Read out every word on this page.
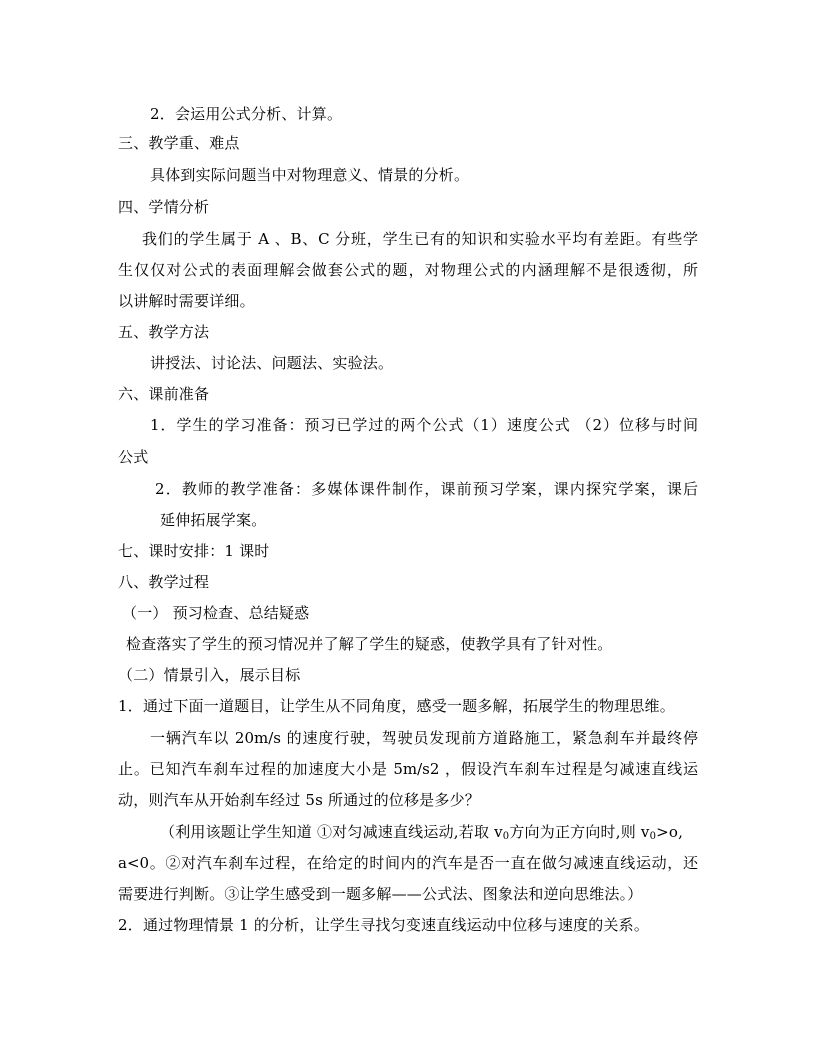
2．会运用公式分析、计算。
三、教学重、难点
具体到实际问题当中对物理意义、情景的分析。
四、学情分析
我们的学生属于 A 、B、C 分班，学生已有的知识和实验水平均有差距。有些学
生仅仅对公式的表面理解会做套公式的题，对物理公式的内涵理解不是很透彻，所
以讲解时需要详细。
五、教学方法
讲授法、讨论法、问题法、实验法。
六、课前准备
1．学生的学习准备：预习已学过的两个公式（1）速度公式 （2）位移与时间
公式
2．教师的教学准备：多媒体课件制作，课前预习学案，课内探究学案，课后
延伸拓展学案。
七、课时安排：1 课时
八、教学过程
（一） 预习检查、总结疑惑
检查落实了学生的预习情况并了解了学生的疑惑，使教学具有了针对性。
（二）情景引入，展示目标
1．通过下面一道题目，让学生从不同角度，感受一题多解，拓展学生的物理思维。
一辆汽车以 20m/s 的速度行驶，驾驶员发现前方道路施工，紧急刹车并最终停
止。已知汽车刹车过程的加速度大小是 5m/s2 ，假设汽车刹车过程是匀减速直线运
动，则汽车从开始刹车经过 5s 所通过的位移是多少？
（利用该题让学生知道 ①对匀减速直线运动,若取 v0方向为正方向时,则 v0>o,
a<0。②对汽车刹车过程，在给定的时间内的汽车是否一直在做匀减速直线运动，还
需要进行判断。③让学生感受到一题多解——公式法、图象法和逆向思维法。）
2．通过物理情景 1 的分析，让学生寻找匀变速直线运动中位移与速度的关系。
